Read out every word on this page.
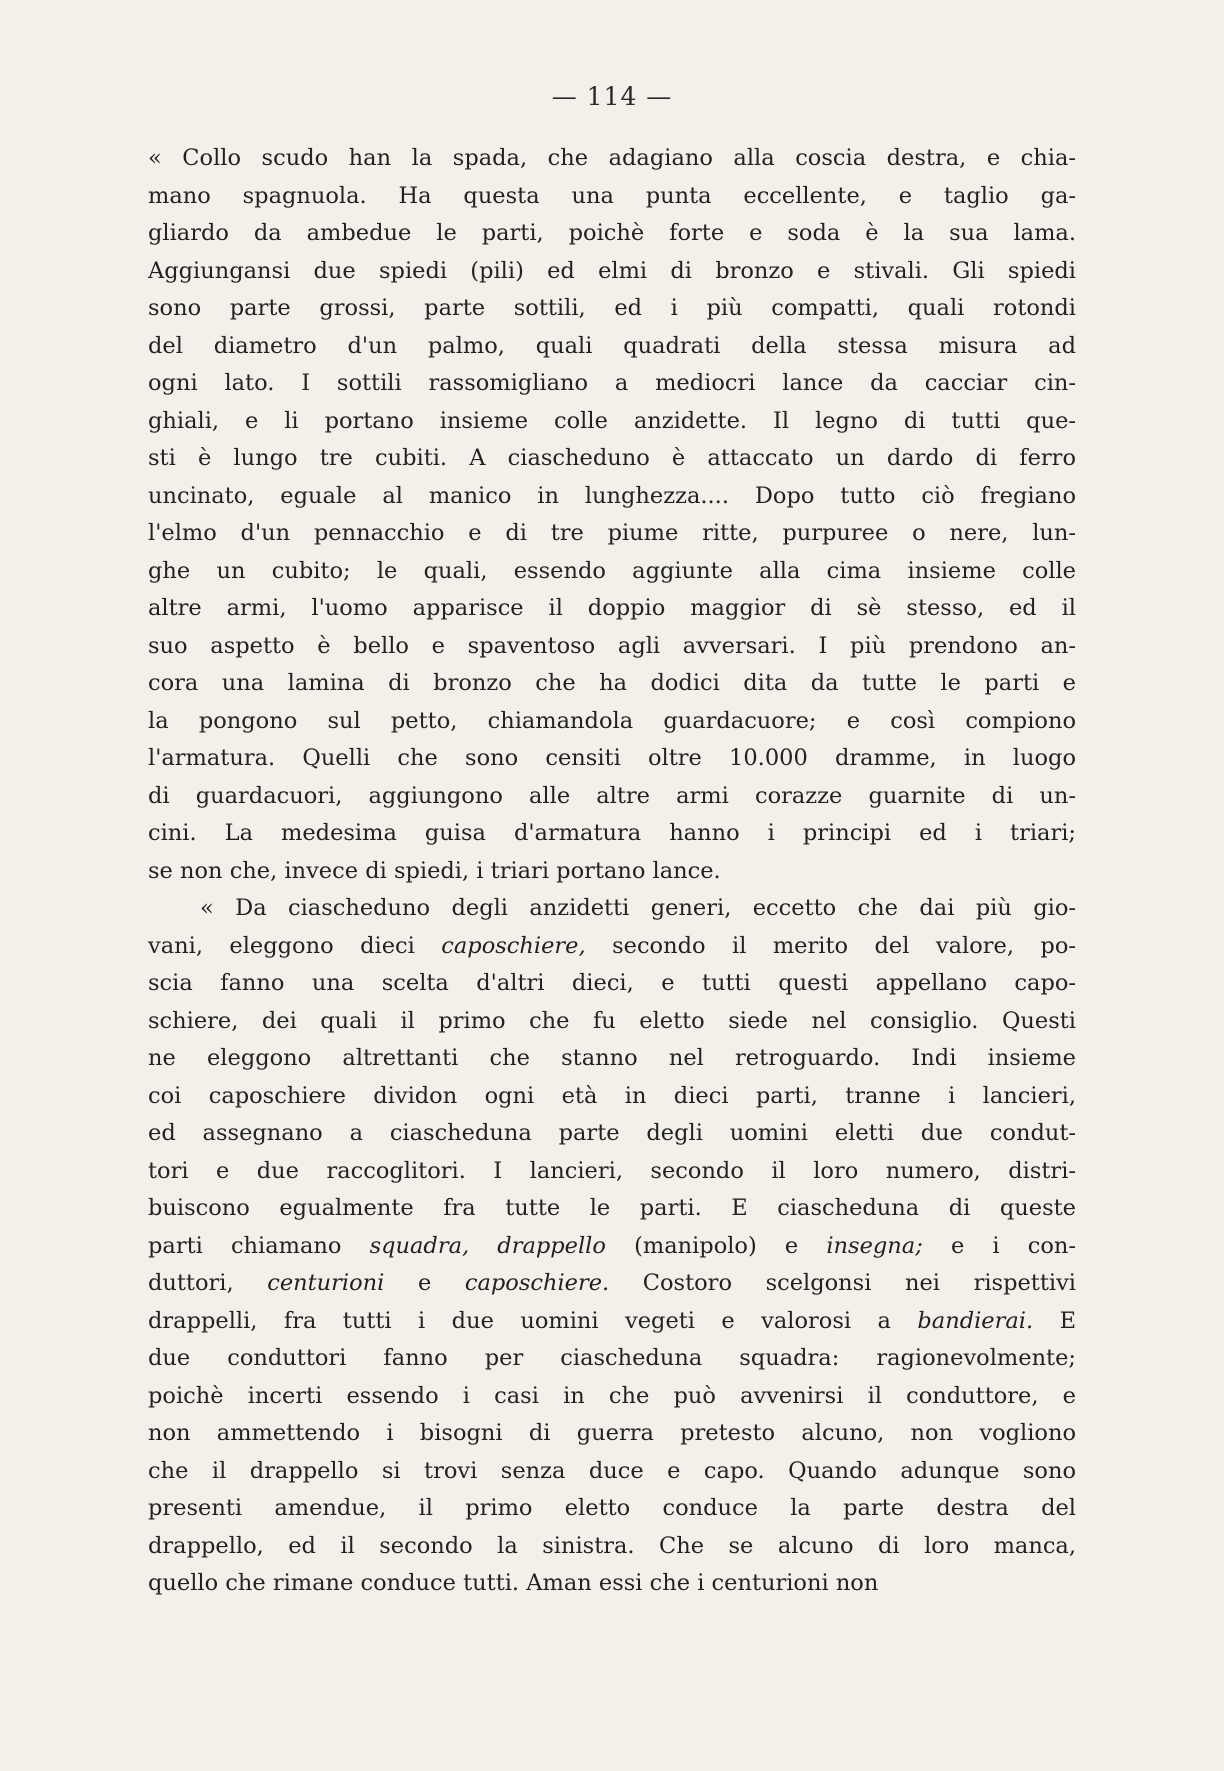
— 114 —
« Collo scudo han la spada, che adagiano alla coscia destra, e chia-
mano spagnuola. Ha questa una punta eccellente, e taglio ga-
gliardo da ambedue le parti, poichè forte e soda è la sua lama.
Aggiungansi due spiedi (pili) ed elmi di bronzo e stivali. Gli spiedi
sono parte grossi, parte sottili, ed i più compatti, quali rotondi
del diametro d'un palmo, quali quadrati della stessa misura ad
ogni lato. I sottili rassomigliano a mediocri lance da cacciar cin-
ghiali, e li portano insieme colle anzidette. Il legno di tutti que-
sti è lungo tre cubiti. A ciascheduno è attaccato un dardo di ferro
uncinato, eguale al manico in lunghezza.... Dopo tutto ciò fregiano
l'elmo d'un pennacchio e di tre piume ritte, purpuree o nere, lun-
ghe un cubito; le quali, essendo aggiunte alla cima insieme colle
altre armi, l'uomo apparisce il doppio maggior di sè stesso, ed il
suo aspetto è bello e spaventoso agli avversari. I più prendono an-
cora una lamina di bronzo che ha dodici dita da tutte le parti e
la pongono sul petto, chiamandola guardacuore; e così compiono
l'armatura. Quelli che sono censiti oltre 10.000 dramme, in luogo
di guardacuori, aggiungono alle altre armi corazze guarnite di un-
cini. La medesima guisa d'armatura hanno i principi ed i triari;
se non che, invece di spiedi, i triari portano lance.
« Da ciascheduno degli anzidetti generi, eccetto che dai più gio-
vani, eleggono dieci caposchiere, secondo il merito del valore, po-
scia fanno una scelta d'altri dieci, e tutti questi appellano capo-
schiere, dei quali il primo che fu eletto siede nel consiglio. Questi
ne eleggono altrettanti che stanno nel retroguardo. Indi insieme
coi caposchiere dividon ogni età in dieci parti, tranne i lancieri,
ed assegnano a ciascheduna parte degli uomini eletti due condut-
tori e due raccoglitori. I lancieri, secondo il loro numero, distri-
buiscono egualmente fra tutte le parti. E ciascheduna di queste
parti chiamano squadra, drappello (manipolo) e insegna; e i con-
duttori, centurioni e caposchiere. Costoro scelgonsi nei rispettivi
drappelli, fra tutti i due uomini vegeti e valorosi a bandierai. E
due conduttori fanno per ciascheduna squadra: ragionevolmente;
poichè incerti essendo i casi in che può avvenirsi il conduttore, e
non ammettendo i bisogni di guerra pretesto alcuno, non vogliono
che il drappello si trovi senza duce e capo. Quando adunque sono
presenti amendue, il primo eletto conduce la parte destra del
drappello, ed il secondo la sinistra. Che se alcuno di loro manca,
quello che rimane conduce tutti. Aman essi che i centurioni non
